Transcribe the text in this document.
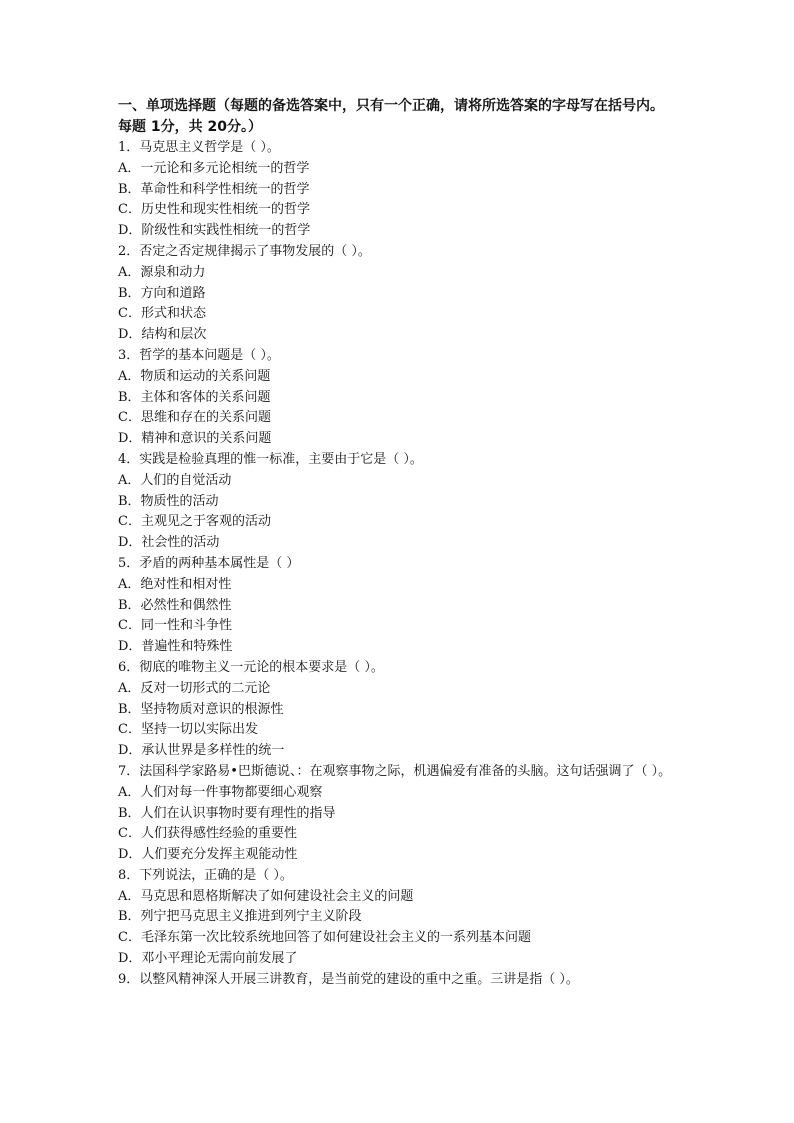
一、单项选择题（每题的备选答案中，只有一个正确，请将所选答案的字母写在括号内。

每题 1分，共 20分。）

1．马克思主义哲学是（ ）。

A．一元论和多元论相统一的哲学

B．革命性和科学性相统一的哲学

C．历史性和现实性相统一的哲学

D．阶级性和实践性相统一的哲学

2．否定之否定规律揭示了事物发展的（ ）。

A．源泉和动力

B．方向和道路

C．形式和状态

D．结构和层次

3．哲学的基本问题是（ ）。

A．物质和运动的关系问题

B．主体和客体的关系问题

C．思维和存在的关系问题

D．精神和意识的关系问题

4．实践是检验真理的惟一标准，主要由于它是（ ）。

A．人们的自觉活动

B．物质性的活动

C．主观见之于客观的活动

D．社会性的活动

5．矛盾的两种基本属性是（ ）

A．绝对性和相对性

B．必然性和偶然性

C．同一性和斗争性

D．普遍性和特殊性

6．彻底的唯物主义一元论的根本要求是（ ）。

A．反对一切形式的二元论

B．坚持物质对意识的根源性

C．坚持一切以实际出发

D．承认世界是多样性的统一

7．法国科学家路易•巴斯德说、：在观察事物之际，机遇偏爱有准备的头脑。这句话强调了（ ）。

A．人们对每一件事物都要细心观察

B．人们在认识事物时要有理性的指导

C．人们获得感性经验的重要性

D．人们要充分发挥主观能动性

8．下列说法，正确的是（ ）。

A．马克思和恩格斯解决了如何建设社会主义的问题

B．列宁把马克思主义推进到列宁主义阶段

C．毛泽东第一次比较系统地回答了如何建设社会主义的一系列基本问题

D．邓小平理论无需向前发展了

9．以整风精神深人开展三讲教育，是当前党的建设的重中之重。三讲是指（ ）。
